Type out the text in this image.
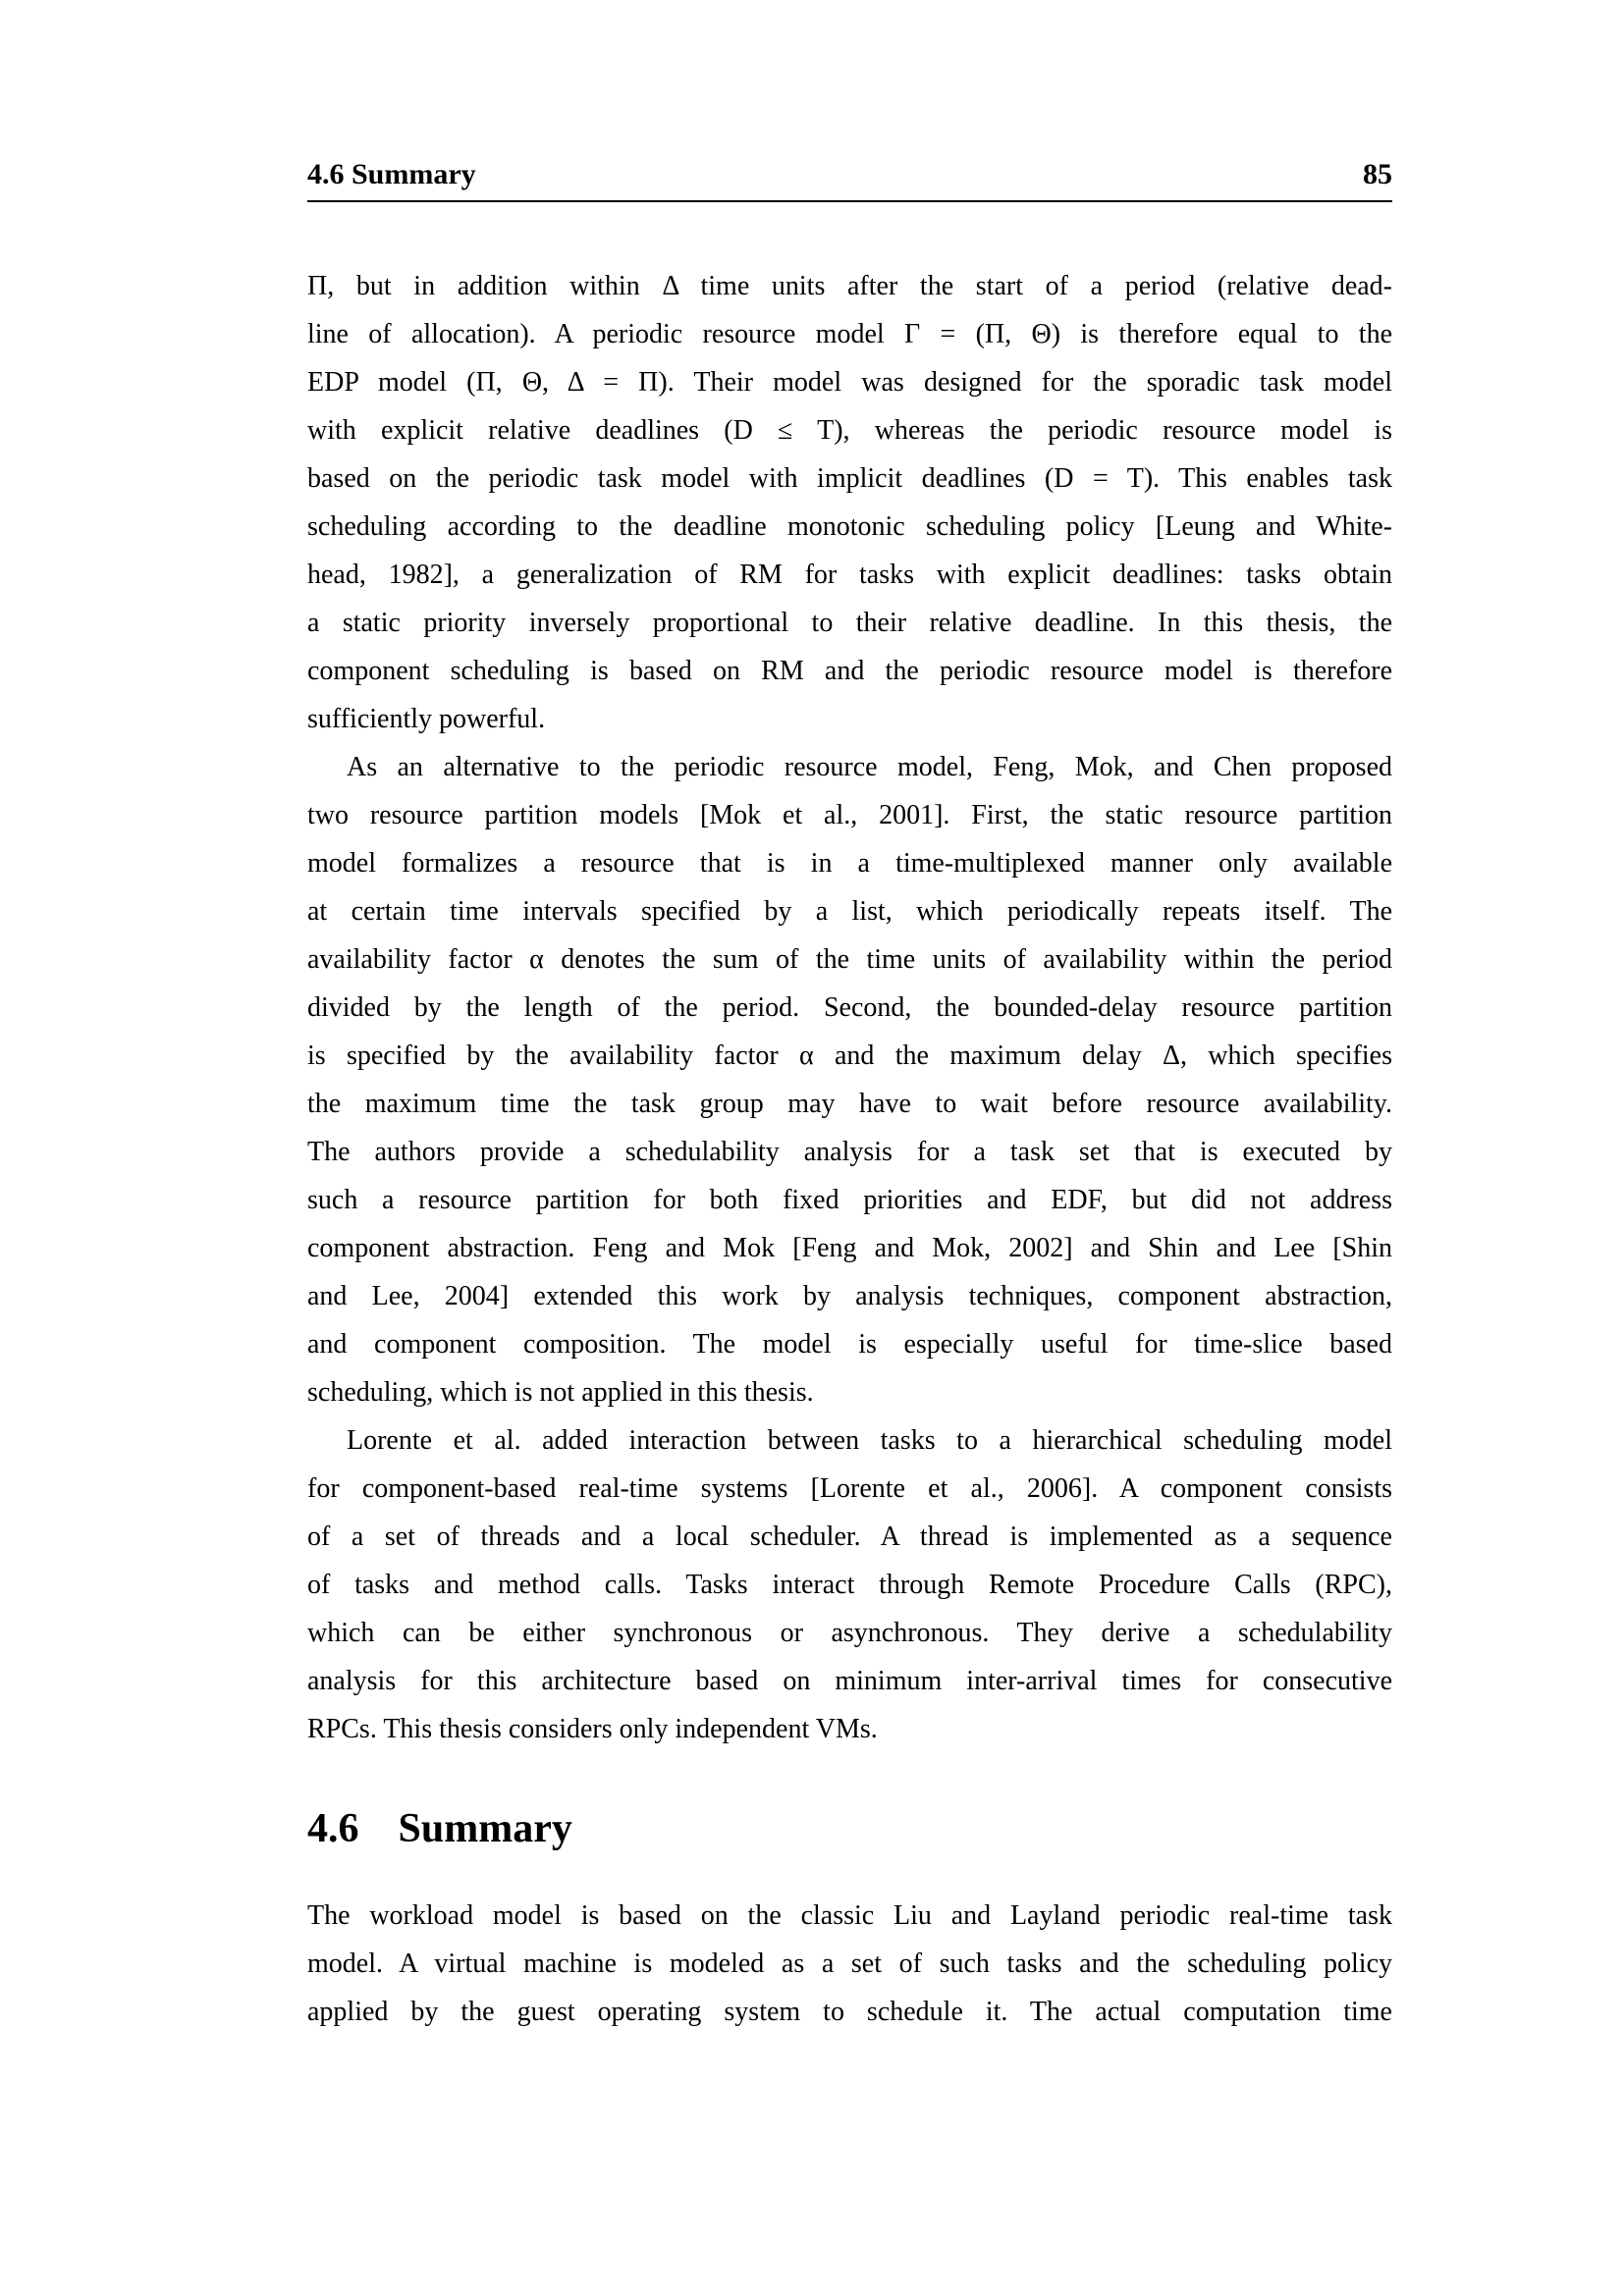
4.6 Summary	85
Π, but in addition within Δ time units after the start of a period (relative dead-
line of allocation). A periodic resource model Γ = (Π, Θ) is therefore equal to the
EDP model (Π, Θ, Δ = Π). Their model was designed for the sporadic task model
with explicit relative deadlines (D ≤ T), whereas the periodic resource model is
based on the periodic task model with implicit deadlines (D = T). This enables task
scheduling according to the deadline monotonic scheduling policy [Leung and White-
head, 1982], a generalization of RM for tasks with explicit deadlines: tasks obtain
a static priority inversely proportional to their relative deadline. In this thesis, the
component scheduling is based on RM and the periodic resource model is therefore
sufficiently powerful.
As an alternative to the periodic resource model, Feng, Mok, and Chen proposed
two resource partition models [Mok et al., 2001]. First, the static resource partition
model formalizes a resource that is in a time-multiplexed manner only available
at certain time intervals specified by a list, which periodically repeats itself. The
availability factor α denotes the sum of the time units of availability within the period
divided by the length of the period. Second, the bounded-delay resource partition
is specified by the availability factor α and the maximum delay Δ, which specifies
the maximum time the task group may have to wait before resource availability.
The authors provide a schedulability analysis for a task set that is executed by
such a resource partition for both fixed priorities and EDF, but did not address
component abstraction. Feng and Mok [Feng and Mok, 2002] and Shin and Lee [Shin
and Lee, 2004] extended this work by analysis techniques, component abstraction,
and component composition. The model is especially useful for time-slice based
scheduling, which is not applied in this thesis.
Lorente et al. added interaction between tasks to a hierarchical scheduling model
for component-based real-time systems [Lorente et al., 2006]. A component consists
of a set of threads and a local scheduler. A thread is implemented as a sequence
of tasks and method calls. Tasks interact through Remote Procedure Calls (RPC),
which can be either synchronous or asynchronous. They derive a schedulability
analysis for this architecture based on minimum inter-arrival times for consecutive
RPCs. This thesis considers only independent VMs.
4.6 Summary
The workload model is based on the classic Liu and Layland periodic real-time task
model. A virtual machine is modeled as a set of such tasks and the scheduling policy
applied by the guest operating system to schedule it. The actual computation time
